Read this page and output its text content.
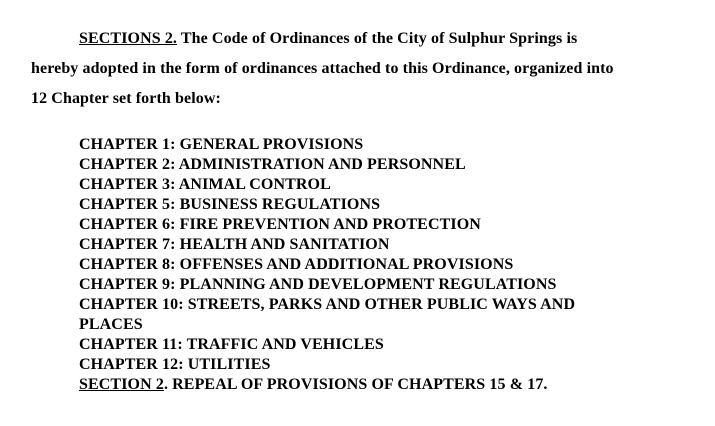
SECTIONS 2. The Code of Ordinances of the City of Sulphur Springs is
hereby adopted in the form of ordinances attached to this Ordinance, organized into
12 Chapter set forth below:
CHAPTER 1: GENERAL PROVISIONS
CHAPTER 2: ADMINISTRATION AND PERSONNEL
CHAPTER 3: ANIMAL CONTROL
CHAPTER 5: BUSINESS REGULATIONS
CHAPTER 6: FIRE PREVENTION AND PROTECTION
CHAPTER 7: HEALTH AND SANITATION
CHAPTER 8: OFFENSES AND ADDITIONAL PROVISIONS
CHAPTER 9: PLANNING AND DEVELOPMENT REGULATIONS
CHAPTER 10: STREETS, PARKS AND OTHER PUBLIC WAYS AND
PLACES
CHAPTER 11: TRAFFIC AND VEHICLES
CHAPTER 12: UTILITIES
SECTION 2. REPEAL OF PROVISIONS OF CHAPTERS 15 & 17.
